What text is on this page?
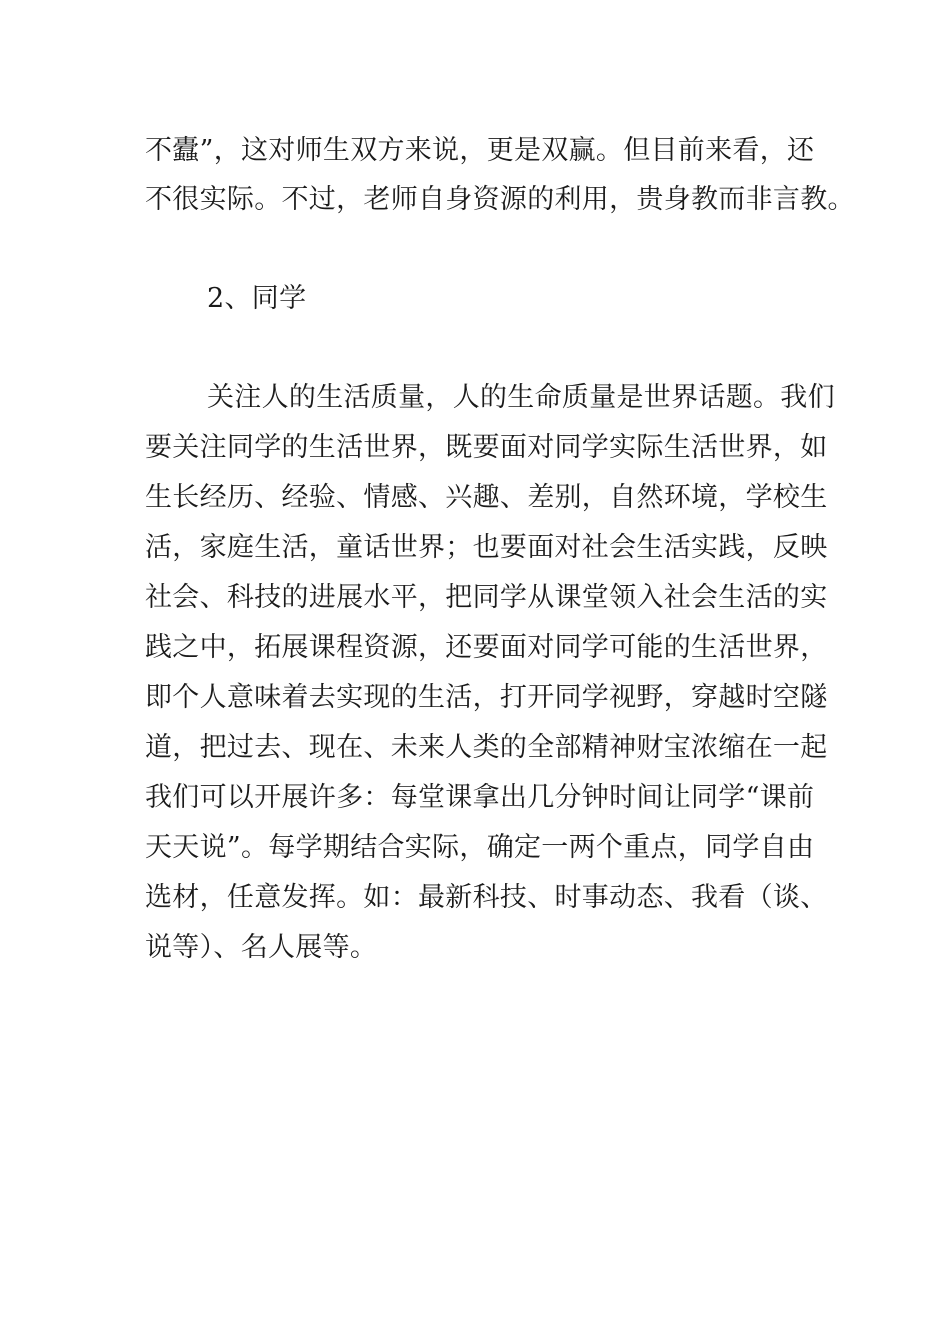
不蠹”，这对师生双方来说，更是双赢。但目前来看，还
不很实际。不过，老师自身资源的利用，贵身教而非言教。
2、同学
关注人的生活质量，人的生命质量是世界话题。我们
要关注同学的生活世界，既要面对同学实际生活世界，如
生长经历、经验、情感、兴趣、差别，自然环境，学校生
活，家庭生活，童话世界；也要面对社会生活实践，反映
社会、科技的进展水平，把同学从课堂领入社会生活的实
践之中，拓展课程资源，还要面对同学可能的生活世界，
即个人意味着去实现的生活，打开同学视野，穿越时空隧
道，把过去、现在、未来人类的全部精神财宝浓缩在一起
我们可以开展许多：每堂课拿出几分钟时间让同学“课前
天天说”。每学期结合实际，确定一两个重点，同学自由
选材，任意发挥。如：最新科技、时事动态、我看（谈、
说等）、名人展等。
